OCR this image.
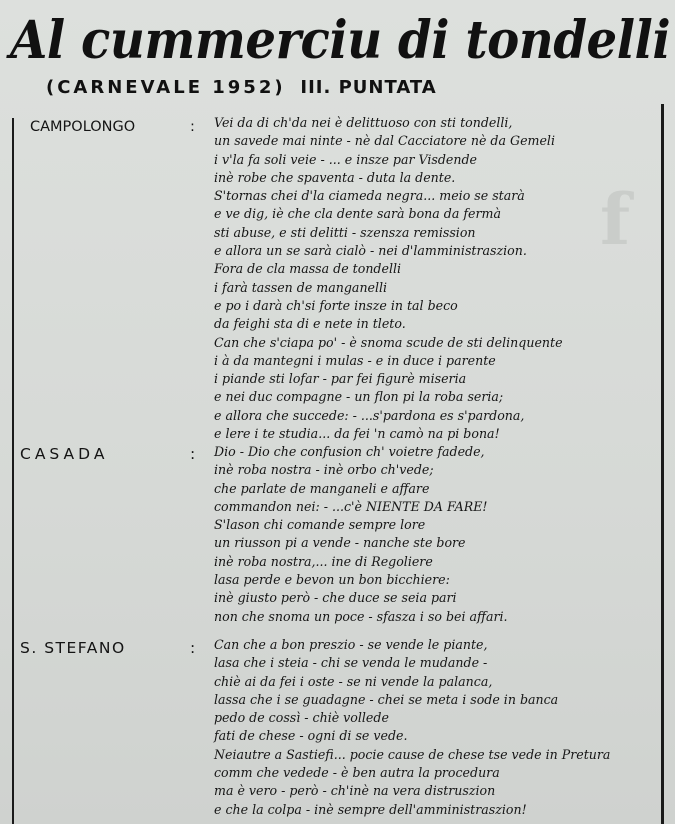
f
Al cummerciu di tondelli
(CARNEVALE 1952) III. PUNTATA
CAMPOLONGO	: Vei da di ch'da nei è delittuoso con sti tondelli,
un savede mai ninte - nè dal Cacciatore nè da Gemeli
i v'la fa soli veie - ... e insze par Visdende
inè robe che spaventa - duta la dente.
S'tornas chei d'la ciameda negra... meio se starà
e ve dig, iè che cla dente sarà bona da fermà
sti abuse, e sti delitti - szensza remission
e allora un se sarà cialò - nei d'lamministraszion.
Fora de cla massa de tondelli
i farà tassen de manganelli
e po i darà ch'si forte insze in tal beco
da feighi sta di e nete in tleto.
Can che s'ciapa po' - è snoma scude de sti delinquente
i à da mantegni i mulas - e in duce i parente
i piande sti lofar - par fei figurè miseria
e nei duc compagne - un flon pi la roba seria;
e allora che succede: - ...s'pardona es s'pardona,
e lere i te studia... da fei 'n camò na pi bona!
CASADA	: Dio - Dio che confusion ch' voietre fadede,
inè roba nostra - inè orbo ch'vede;
che parlate de manganeli e affare
commandon nei: - ...c'è NIENTE DA FARE!
S'lason chi comande sempre lore
un riusson pi a vende - nanche ste bore
inè roba nostra,... ine di Regoliere
lasa perde e bevon un bon bicchiere:
inè giusto però - che duce se seia pari
non che snoma un poce - sfasza i so bei affari.
S. STEFANO	: Can che a bon preszio - se vende le piante,
lasa che i steia - chi se venda le mudande -
chiè ai da fei i oste - se ni vende la palanca,
lassa che i se guadagne - chei se meta i sode in banca
pedo de cossì - chiè vollede
fati de chese - ogni di se vede.
Neiautre a Sastiefi... pocie cause de chese tse vede in Pretura
comm che vedede - è ben autra la procedura
ma è vero - però - ch'inè na vera distruszion
e che la colpa - inè sempre dell'amministraszion!
